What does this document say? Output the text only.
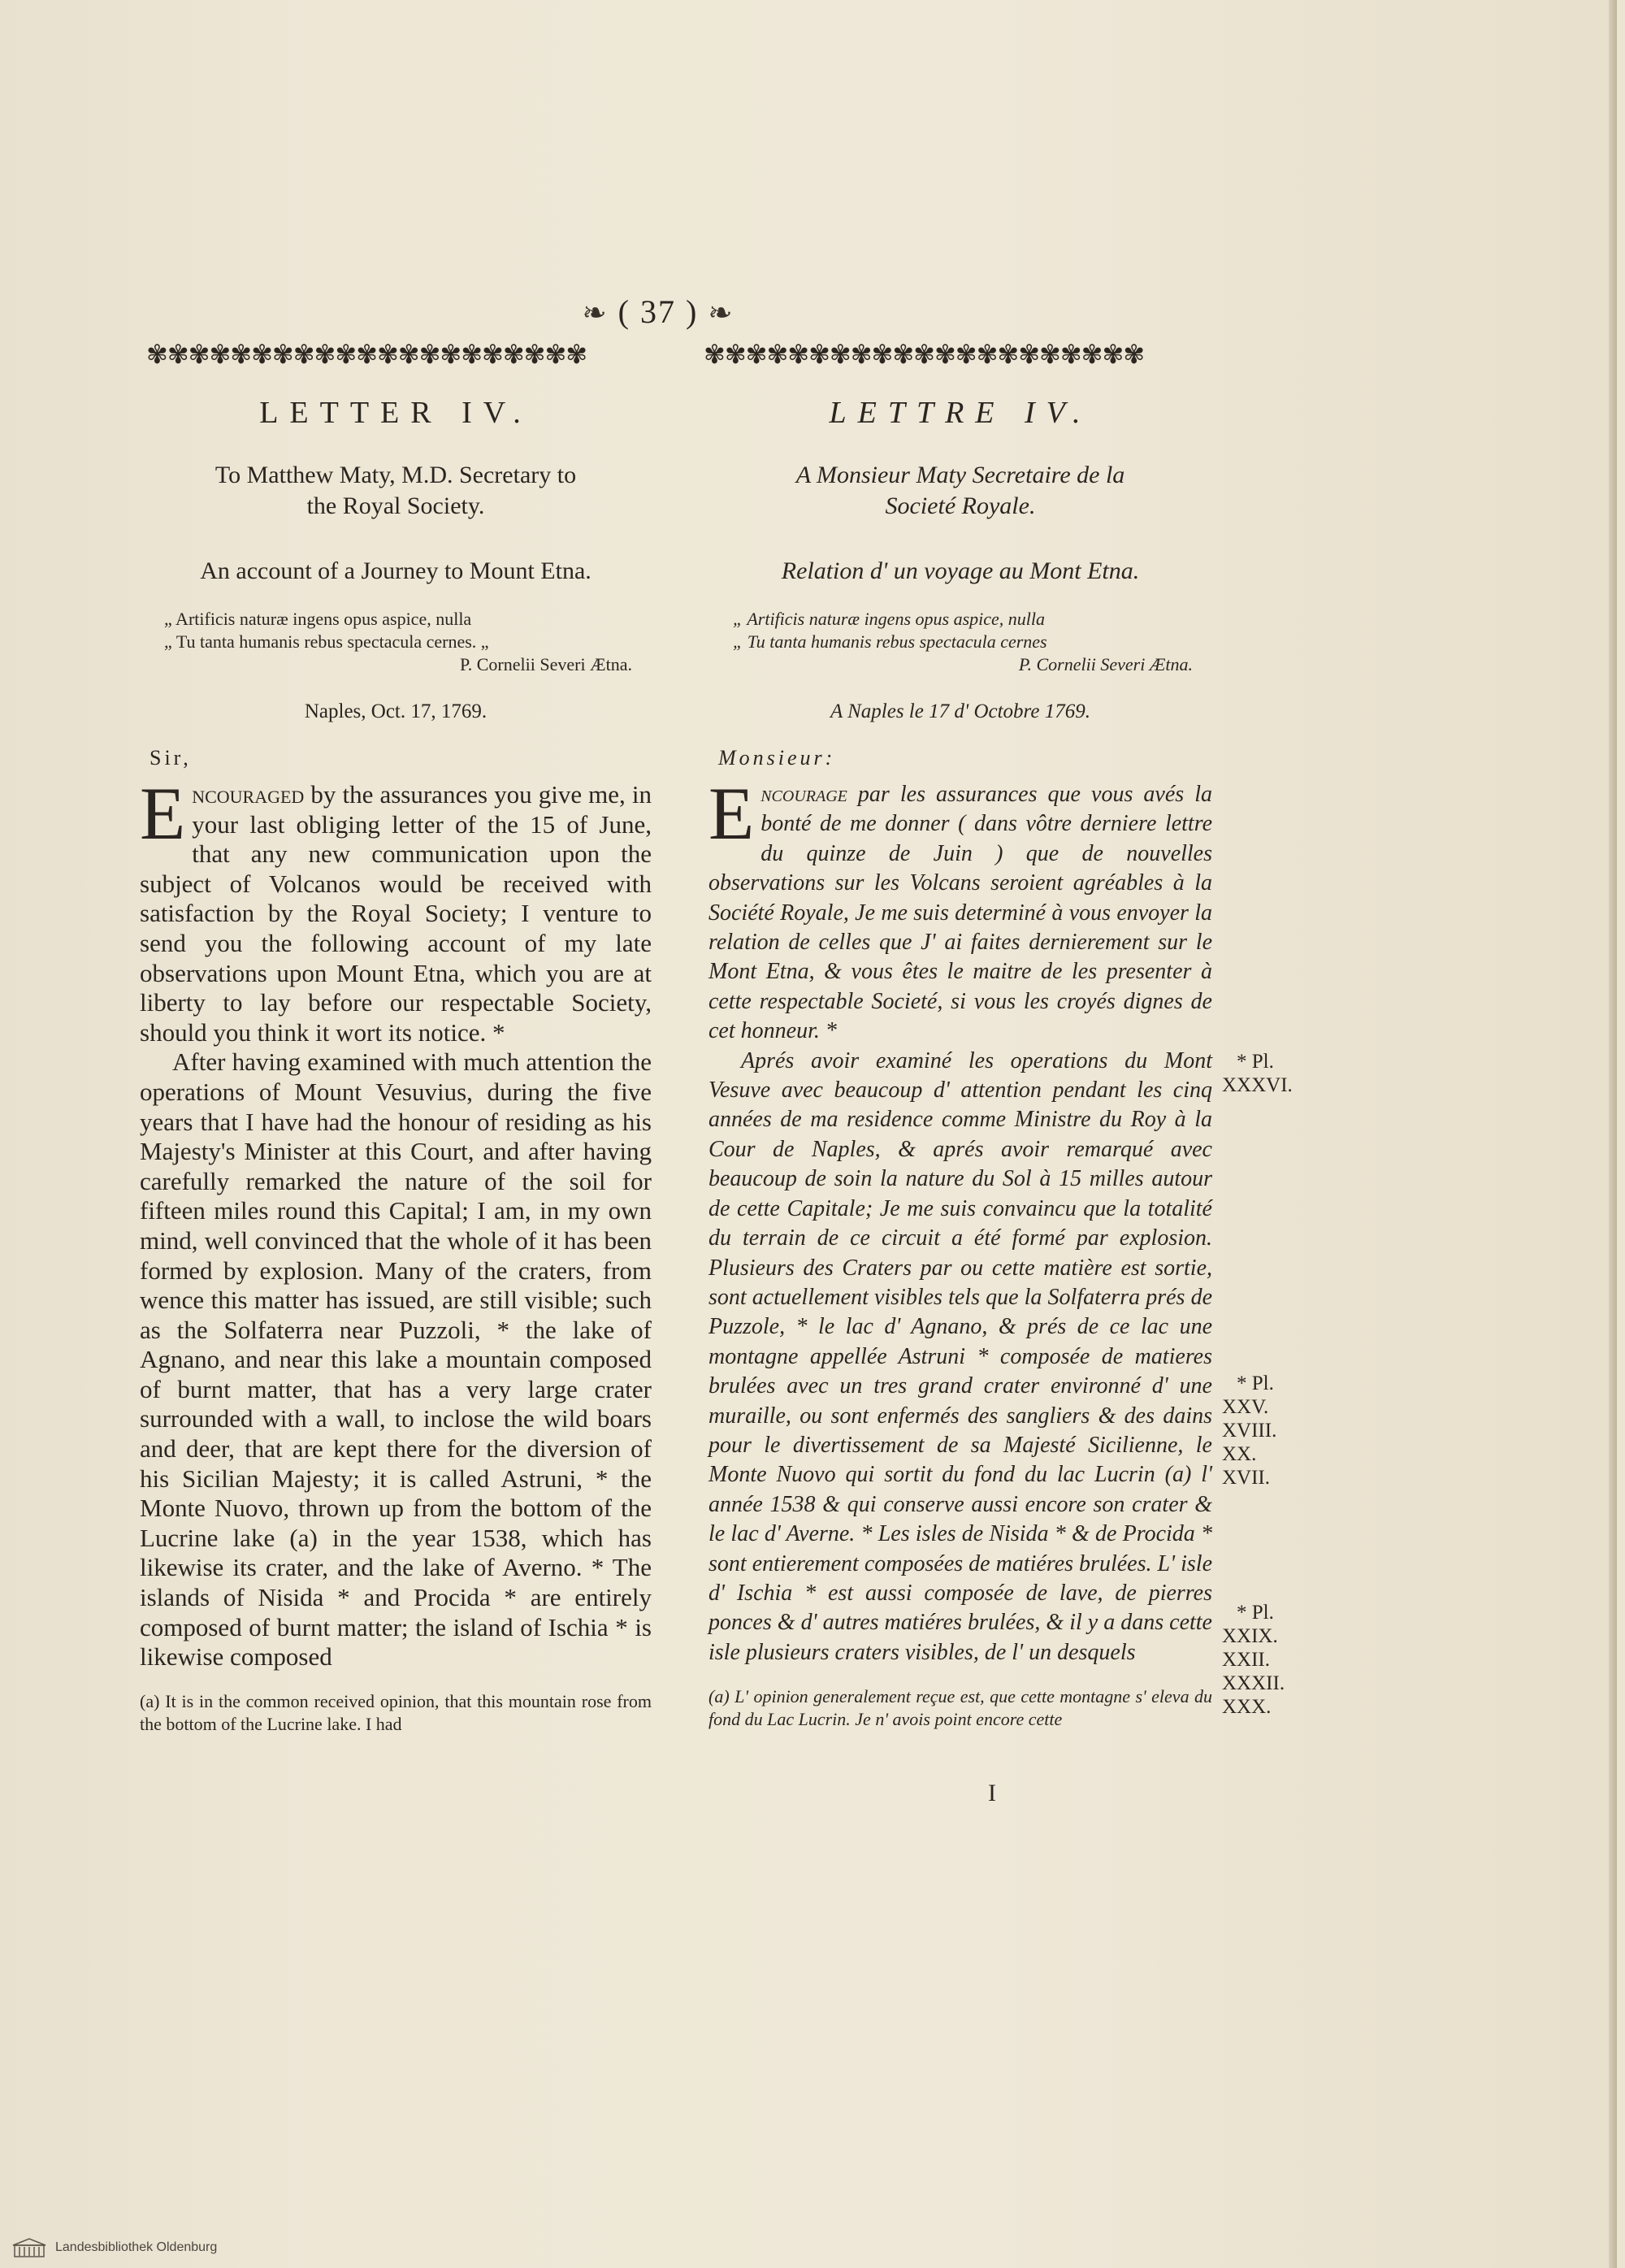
❧ ( 37 ) ❧
✾✾✾✾✾✾✾✾✾✾✾✾✾✾✾✾✾✾✾✾✾	✾✾✾✾✾✾✾✾✾✾✾✾✾✾✾✾✾✾✾✾✾
LETTER IV.
To Matthew Maty, M.D. Secretary to
the Royal Society.
An account of a Journey to Mount Etna.
„ Artificis naturæ ingens opus aspice, nulla
„ Tu tanta humanis rebus spectacula cernes. „
P. Cornelii Severi Ætna.
Naples, Oct. 17, 1769.
Sir,

Encouraged by the assurances you give me, in your last obliging letter of the 15 of June, that any new communication upon the subject of Volcanos would be received with satisfaction by the Royal Society; I venture to send you the following account of my late observations upon Mount Etna, which you are at liberty to lay before our respectable Society, should you think it wort its notice. *

After having examined with much attention the operations of Mount Vesuvius, during the five years that I have had the honour of residing as his Majesty's Minister at this Court, and after having carefully remarked the nature of the soil for fifteen miles round this Capital; I am, in my own mind, well convinced that the whole of it has been formed by explosion. Many of the craters, from wence this matter has issued, are still visible; such as the Solfaterra near Puzzoli, * the lake of Agnano, and near this lake a mountain composed of burnt matter, that has a very large crater surrounded with a wall, to inclose the wild boars and deer, that are kept there for the diversion of his Sicilian Majesty; it is called Astruni, * the Monte Nuovo, thrown up from the bottom of the Lucrine lake (a) in the year 1538, which has likewise its crater, and the lake of Averno. * The islands of Nisida * and Procida * are entirely composed of burnt matter; the island of Ischia * is likewise composed

(a) It is in the common received opinion, that this mountain rose from the bottom of the Lucrine lake. I had
LETTRE IV.
A Monsieur Maty Secretaire de la
Societé Royale.
Relation d' un voyage au Mont Etna.
„ Artificis naturæ ingens opus aspice, nulla
„ Tu tanta humanis rebus spectacula cernes
P. Cornelii Severi Ætna.
A Naples le 17 d' Octobre 1769.
Monsieur:

Encourage par les assurances que vous avés la bonté de me donner ( dans vôtre derniere lettre du quinze de Juin ) que de nouvelles observations sur les Volcans seroient agréables à la Société Royale, Je me suis determiné à vous envoyer la relation de celles que J' ai faites dernierement sur le Mont Etna, & vous êtes le maitre de les presenter à cette respectable Societé, si vous les croyés dignes de cet honneur. *

Aprés avoir examiné les operations du Mont Vesuve avec beaucoup d' attention pendant les cinq années de ma residence comme Ministre du Roy à la Cour de Naples, & aprés avoir remarqué avec beaucoup de soin la nature du Sol à 15 milles autour de cette Capitale; Je me suis convaincu que la totalité du terrain de ce circuit a été formé par explosion. Plusieurs des Craters par ou cette matière est sortie, sont actuellement visibles tels que la Solfaterra prés de Puzzole, * le lac d' Agnano, & prés de ce lac une montagne appellée Astruni * composée de matieres brulées avec un tres grand crater environné d' une muraille, ou sont enfermés des sangliers & des dains pour le divertissement de sa Majesté Sicilienne, le Monte Nuovo qui sortit du fond du lac Lucrin (a) l' année 1538 & qui conserve aussi encore son crater & le lac d' Averne. * Les isles de Nisida * & de Procida * sont entierement composées de matiéres brulées. L' isle d' Ischia * est aussi composée de lave, de pierres ponces & d' autres matiéres brulées, & il y a dans cette isle plusieurs craters visibles, de l' un desquels

(a) L' opinion generalement reçue est, que cette montagne s' eleva du fond du Lac Lucrin. Je n' avois point encore cette
I
* Pl.
XXXVI.
* Pl.
XXV.
XVIII.
XX.
XVII.
* Pl.
XXIX.
XXII.
XXXII.
XXX.
Landesbibliothek Oldenburg
